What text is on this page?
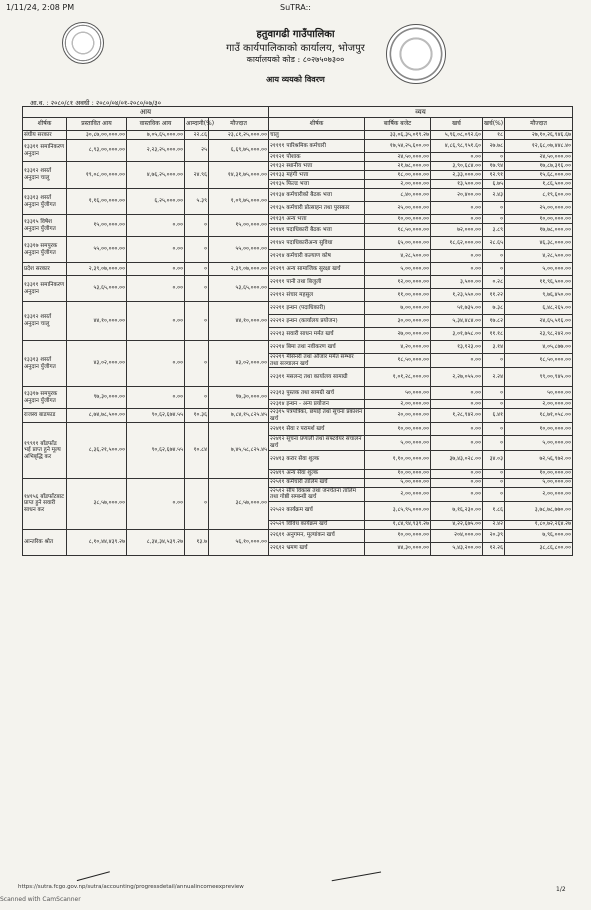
1/11/24, 2:08 PM	SuTRA::
हतुवागढी गाउँपालिका
गाउँ कार्यपालिकाको कार्यालय, भोजपुर
कार्यालयको कोड : ८०२७५०७३००
आय व्ययको विवरण
आ.व. : २०८०/८१ अवधी : २०८०/०४/०१-२०८०/०७/३०
आय					व्यय				
शीर्षक	प्रस्तावित आय	वास्तविक आय	आम्दानी(%)	मौज्दात	शीर्षक	बार्षिक बजेट	खर्च	खर्च(%)	मौज्दात
संघीय सरकार	३०,८७,००,०००.००	७,०५,६५,०००.००	२२.८६	२३,८१,२५,०००.००	चालु	३३,०६,३५,०१९.२७	५,९६,०८,०९२.६०	१८	२७,१०,२६,९४६.६७
१३३११ समानिकरण अनुदान	८,९३,००,०००.००	२,२३,२५,०००.००	२५	६,६९,७५,०००.००	२११११ पारिश्रमिक कर्मचारी	१७,५४,२५,६००.००	४,८६,९८,९५१.६०	२७.७८	१२,६८,०७,४४८.४०
					२११२१ पोशाक	२४,५०,०००.००	०.००	०	२४,५०,०००.००
१३३१२ शसर्त अनुदान चालु	१९,०८,००,०००.००	४,७६,२५,०००.००	२४.९६	१४,३१,७५,०००.००	२११३२ स्थानीय भत्ता	२१,७८,०००.००	३,९०,६८४.००	१७.९४	१७,८७,३१६.००
					२११३३ महंगी भत्ता	१८,००,०००.००	२,३३,०००.००	१२.९१	१५,६८,०००.००
					२११३५ फिल्ड भत्ता	२,००,०००.००	१३,५००.००	६.७५	१,८६,५००.००
१३३१३ शसर्त अनुदान पुँजीगत	१,१६,००,०००.००	६,२५,०००.००	५.३९	१,०९,७५,०००.००	२११३४ कर्मचारीको बैठक भत्ता	८,४०,०००.००	२०,४००.००	२.४३	८,१९,६००.००
					२११३५ कर्मचारी प्रोत्साहन तथा पुरस्कार	२५,००,०००.००	०.००	०	२५,००,०००.००
१३३१५ विषेश अनुदान पुँजीगत	१५,००,०००.००	०.००	०	१५,००,०००.००	२११३९ अन्य भत्ता	१०,००,०००.००	०.००	०	१०,००,०००.००
					२११४१ पदाधिकारी बैठक भत्ता	१८,५०,०००.००	७२,०००.००	३.८९	१७,७८,०००.००
१३३१७ समपुरक अनुदान पुँजीगत	५५,००,०००.००	०.००	०	५५,००,०००.००	२११४२ पदाधिकारीअन्य सुविधा	६५,००,०००.००	१८,६२,०००.००	२८.६५	४६,३८,०००.००
					२१२१४ कर्मचारी कल्याण कोष	४,२८,५००.००	०.००	०	४,२८,५००.००
प्रदेश सरकार	२,३९,०७,०००.००	०.००	०	२,३९,०७,०००.००	२१२१९ अन्य सामाजिक सुरक्षा खर्च	५,००,०००.००	०.००	०	५,००,०००.००
१३३११ समानिकरण अनुदान	५३,६५,०००.००	०.००	०	५३,६५,०००.००	२२१११ पानी तथा बिजुली	१२,००,०००.००	३,५००.००	०.२८	११,९६,५००.००
					२२११२ संचार महसुल	११,००,०००.००	१,२३,५५०.००	११.२२	९,७६,४५०.००
१३३१२ शसर्त अनुदान चालु	४४,१०,०००.००	०.००	०	४४,१०,०००.००	२२२११ इन्धन (पदाधिकारी)	७,००,०००.००	५१,७३५.००	७.३८	६,४८,२६५.००
					२२२१२ इन्धन (कार्यालय प्रयोजन)	३०,००,०००.००	५,३४,४८४.००	१७.८२	२४,६५,५१६.००
					२२२१३ सवारी साधन मर्मत खर्च	२७,००,०००.००	३,०१,७५८.००	११.१८	२३,९८,२४२.००
१३३१३ शसर्त अनुदान पुँजीगत	४३,०२,०००.००	०.००	०	४३,०२,०००.००	२२२१४ बिमा तथा नवीकरण खर्च	४,२०,०००.००	१३,१२३.००	३.१४	४,०५,८७७.००
					२२२१९ मेसिनरी तथा औजार मर्मत सम्भार तथा सञ्चालन खर्च	१८,५०,०००.००	०.००	०	१८,५०,०००.००
					२२३११ मसलन्द तथा कार्यालय सामाग्री	१,०१,२८,०००.००	२,२७,०५५.००	२.२४	९९,००,९४५.००
१३३१७ समपुरक अनुदान पुँजीगत	९७,३०,०००.००	०.००	०	९७,३०,०००.००	२२३१३ पुस्तक तथा सामग्री खर्च	५०,०००.००	०.००	०	५०,०००.००
					२२३१४ इन्धन - अन्य प्रयोजन	२,००,०००.००	०.००	०	२,००,०००.००
राजस्व बाडफाड	८,७४,७८,५००.००	९०,६२,६७४.५५	१०.३६	७,८४,१५,८२५.४५	२२३१५ पत्रपत्रिका, छपाई तथा सूचना प्रकाशन खर्च	२०,००,०००.००	१,२८,९४२.००	६.४१	१८,७१,०५८.००
१९९११ बाँडफाँड भई प्राप्त हुने मूल्य अभिबृद्धि कर	८,३६,२१,५००.००	९०,६२,६७४.५५	१०.८४	७,४५,५८,८२५.४५	२२४११ सेवा र परामर्श खर्च	१०,००,०००.००	०.००	०	१०,००,०००.००
					२२४१२ सूचना प्रणाली तथा सफ्टवेयर संचालन खर्च	५,००,०००.००	०.००	०	५,००,०००.००
					२२४१३ करार सेवा शुल्क	१,१०,००,०००.००	३७,४३,०२८.००	३४.०३	७२,५६,९७२.००
					२२४१९ अन्य सेवा शुल्क	१०,००,०००.००	०.००	०	१०,००,०००.००
१४१५६ बाँडफाँटबाट प्राप्त हुने सवारी साधन कर	३८,५७,०००.००	०.००	०	३८,५७,०००.००	२२५११ कर्मचारी तालिम खर्च	५,००,०००.००	०.००	०	५,००,०००.००
					२२५१२ सीप विकास तथा जनचेतना तालिम तथा गोष्ठी सम्बन्धी खर्च	२,००,०००.००	०.००	०	२,००,०००.००
					२२५२२ कार्यक्रम खर्च	३,८५,९५,०००.००	७,१६,२३०.००	१.८६	३,७८,७८,७७०.००
					२२५२९ विविध कार्यक्रम खर्च	१,८४,९४,९३९.२७	४,२२,६७५.००	२.४२	१,८०,७२,२६४.२७
आन्तरिक श्रोत	८,१०,४४,४३९.२७	८,३४,३४,५३९.२७	१३.७	५६,१०,०००.००	२२६११ अनुगमन, मूल्यांकन खर्च	१०,००,०००.००	२०४,०००.००	२०.३९	७,९६,०००.००
					२२६१२ भ्रमण खर्च	४४,३०,०००.००	५,४३,२००.००	१२.२६	३८,८६,८००.००
https://sutra.fcgo.gov.np/sutra/accounting/progressdetail/annualincomeexpreview	1/2
Scanned with CamScanner
